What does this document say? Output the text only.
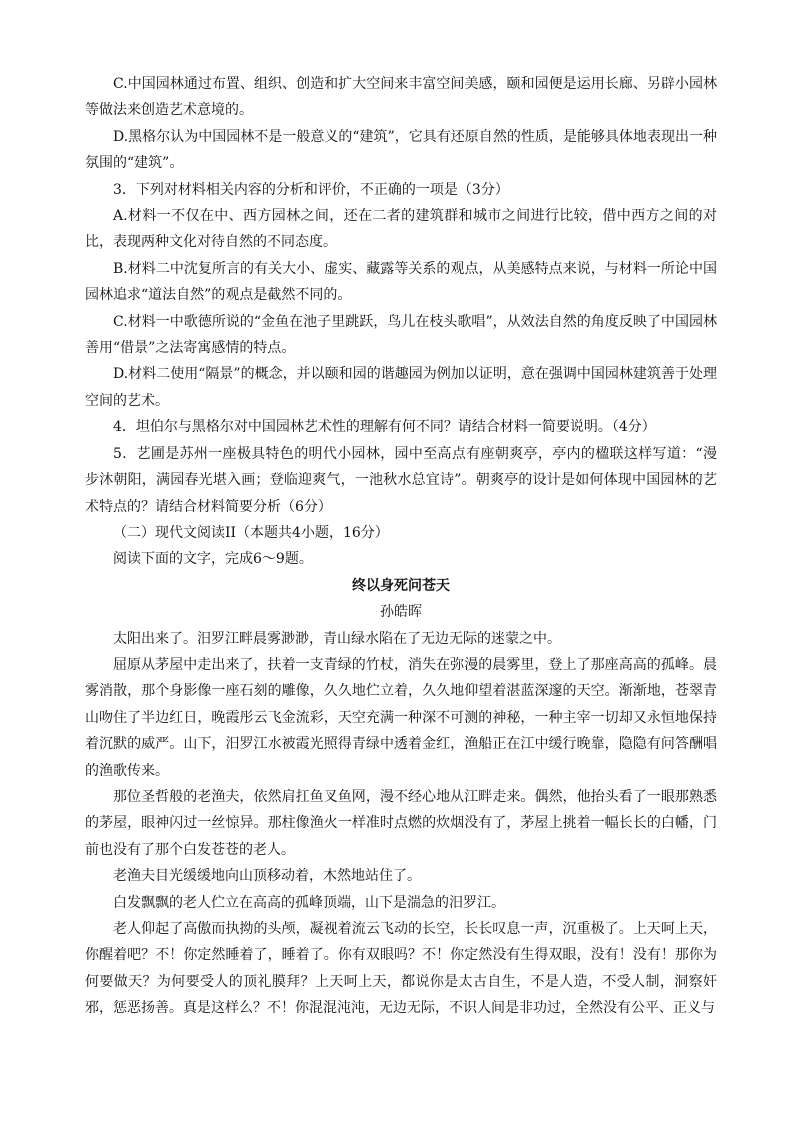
C.中国园林通过布置、组织、创造和扩大空间来丰富空间美感，颐和园便是运用长廊、另辟小园林等做法来创造艺术意境的。

D.黑格尔认为中国园林不是一般意义的“建筑”，它具有还原自然的性质，是能够具体地表现出一种氛围的“建筑”。

3．下列对材料相关内容的分析和评价，不正确的一项是（3分）

A.材料一不仅在中、西方园林之间，还在二者的建筑群和城市之间进行比较，借中西方之间的对比，表现两种文化对待自然的不同态度。

B.材料二中沈复所言的有关大小、虚实、藏露等关系的观点，从美感特点来说，与材料一所论中国园林追求“道法自然”的观点是截然不同的。

C.材料一中歌德所说的“金鱼在池子里跳跃，鸟儿在枝头歌唱”，从效法自然的角度反映了中国园林善用“借景”之法寄寓感情的特点。

D.材料二使用“隔景”的概念，并以颐和园的谐趣园为例加以证明，意在强调中国园林建筑善于处理空间的艺术。

4．坦伯尔与黑格尔对中国园林艺术性的理解有何不同？请结合材料一简要说明。（4分）

5．艺圃是苏州一座极具特色的明代小园林，园中至高点有座朝爽亭，亭内的楹联这样写道：“漫步沐朝阳，满园春光堪入画；登临迎爽气，一池秋水总宜诗”。朝爽亭的设计是如何体现中国园林的艺术特点的？请结合材料简要分析（6分）

（二）现代文阅读II（本题共4小题，16分）

阅读下面的文字，完成6～9题。

终以身死问苍天

孙皓晖

太阳出来了。汨罗江畔晨雾渺渺，青山绿水陷在了无边无际的迷蒙之中。

屈原从茅屋中走出来了，扶着一支青绿的竹杖，消失在弥漫的晨雾里，登上了那座高高的孤峰。晨雾消散，那个身影像一座石刻的雕像，久久地伫立着，久久地仰望着湛蓝深邃的天空。渐渐地，苍翠青山吻住了半边红日，晚霞彤云飞金流彩，天空充满一种深不可测的神秘，一种主宰一切却又永恒地保持着沉默的威严。山下，汨罗江水被霞光照得青绿中透着金红，渔船正在江中缓行晚靠，隐隐有问答酬唱的渔歌传来。

那位圣哲般的老渔夫，依然肩扛鱼叉鱼网，漫不经心地从江畔走来。偶然，他抬头看了一眼那熟悉的茅屋，眼神闪过一丝惊异。那柱像渔火一样准时点燃的炊烟没有了，茅屋上挑着一幅长长的白幡，门前也没有了那个白发苍苍的老人。

老渔夫目光缓缓地向山顶移动着，木然地站住了。

白发飘飘的老人伫立在高高的孤峰顶端，山下是湍急的汨罗江。

老人仰起了高傲而执拗的头颅，凝视着流云飞动的长空，长长叹息一声，沉重极了。上天呵上天，你醒着吧？不！你定然睡着了，睡着了。你有双眼吗？不！你定然没有生得双眼，没有！没有！那你为何要做天？为何要受人的顶礼膜拜？上天呵上天，都说你是太古自生，不是人造，不受人制，洞察奸邪，惩恶扬善。真是这样么？不！你混混沌沌，无边无际，不识人间是非功过，全然没有公平、正义与
